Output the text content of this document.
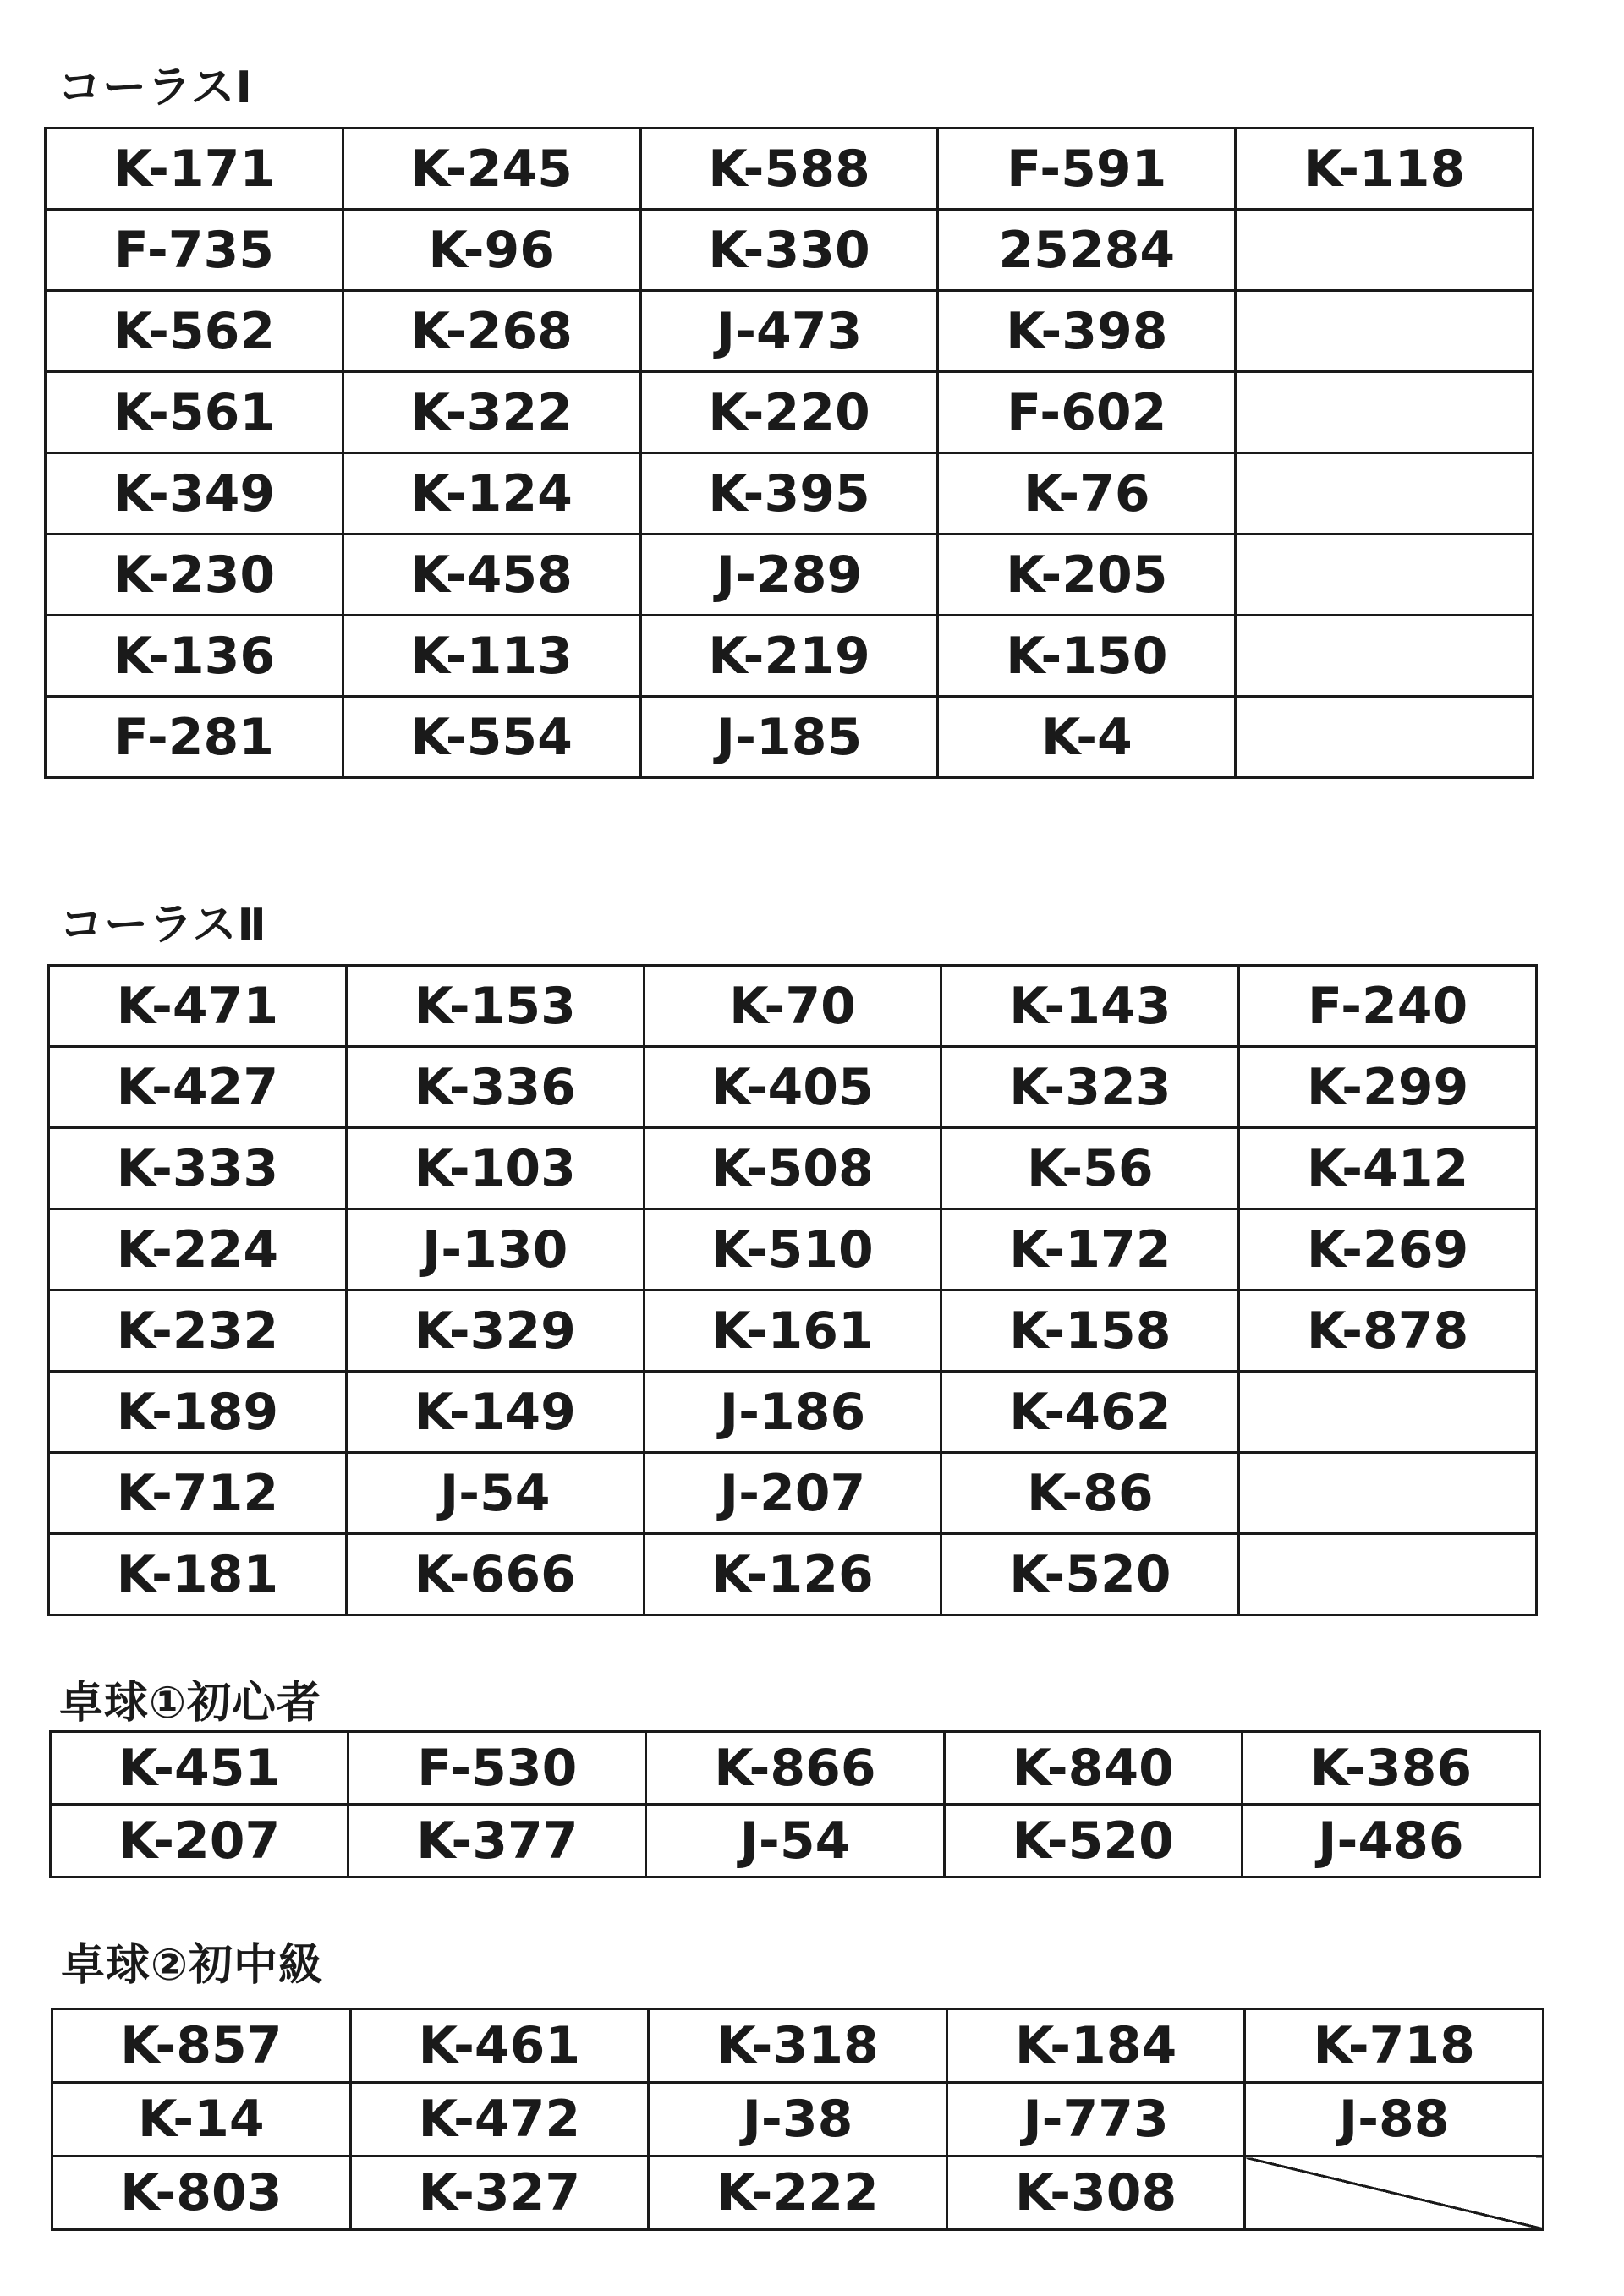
コーラスⅠ
K-171	K-245	K-588	F-591	K-118
F-735	K-96	K-330	25284	
K-562	K-268	J-473	K-398	
K-561	K-322	K-220	F-602	
K-349	K-124	K-395	K-76	
K-230	K-458	J-289	K-205	
K-136	K-113	K-219	K-150	
F-281	K-554	J-185	K-4	
コーラスⅡ
K-471	K-153	K-70	K-143	F-240
K-427	K-336	K-405	K-323	K-299
K-333	K-103	K-508	K-56	K-412
K-224	J-130	K-510	K-172	K-269
K-232	K-329	K-161	K-158	K-878
K-189	K-149	J-186	K-462	
K-712	J-54	J-207	K-86	
K-181	K-666	K-126	K-520	
卓球①初心者
K-451	F-530	K-866	K-840	K-386
K-207	K-377	J-54	K-520	J-486
卓球②初中級
K-857	K-461	K-318	K-184	K-718
K-14	K-472	J-38	J-773	J-88
K-803	K-327	K-222	K-308	
